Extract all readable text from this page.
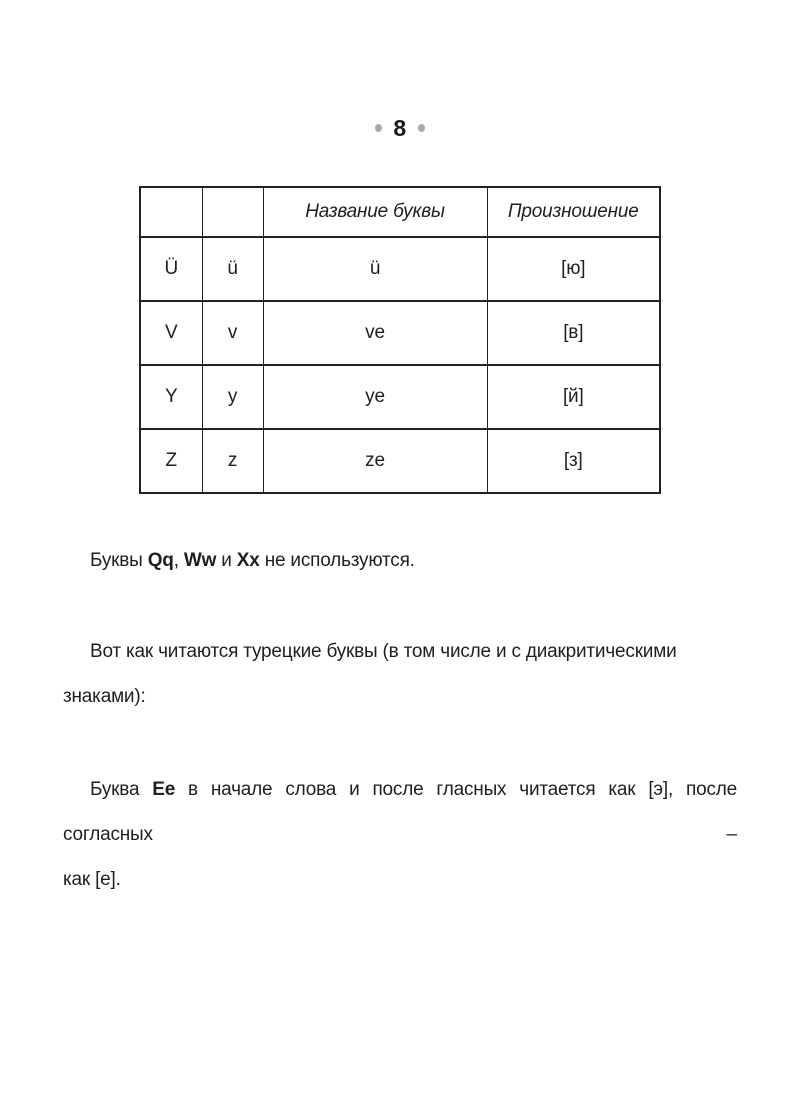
8
		Название буквы	Произношение
Ü	ü	ü	[ю]
V	v	ve	[в]
Y	y	ye	[й]
Z	z	ze	[з]

Буквы Qq, Ww и Xx не используются.

Вот как читаются турецкие буквы (в том числе и с диакритическими знаками):

Буква Ee в начале слова и после гласных читается как [э], после согласных –

как [е].
